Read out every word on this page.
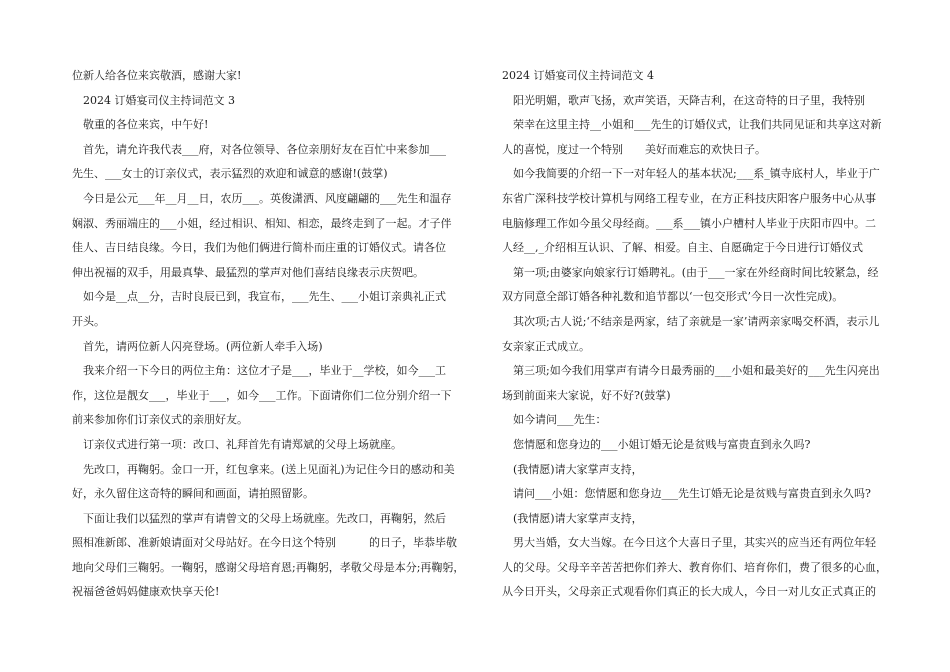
位新人给各位来宾敬酒，感谢大家!
　2024 订婚宴司仪主持词范文 3
　敬重的各位来宾，中午好!
　首先，请允许我代表___府，对各位领导、各位亲朋好友在百忙中来参加___
先生、___女士的订亲仪式，表示猛烈的欢迎和诚意的感谢!(鼓掌)
　今日是公元___年__月__日，农历___。英俊潇洒、风度翩翩的___先生和温存
娴淑、秀丽端庄的___小姐，经过相识、相知、相恋，最终走到了一起。才子伴
佳人、吉日结良缘。今日，我们为他们俩进行简朴而庄重的订婚仪式。请各位
伸出祝福的双手，用最真挚、最猛烈的掌声对他们喜结良缘表示庆贺吧。
　如今是__点__分，吉时良辰已到，我宣布，___先生、___小姐订亲典礼正式
开头。
　首先，请两位新人闪亮登场。(两位新人牵手入场)
　我来介绍一下今日的两位主角：这位才子是___，毕业于__学校，如今___工
作，这位是靓女___，毕业于___，如今___工作。下面请你们二位分别介绍一下
前来参加你们订亲仪式的亲朋好友。
　订亲仪式进行第一项：改口、礼拜首先有请郑斌的父母上场就座。
　先改口，再鞠躬。金口一开，红包拿来。(送上见面礼)为记住今日的感动和美
好，永久留住这奇特的瞬间和画面，请拍照留影。
　下面让我们以猛烈的掌声有请曾文的父母上场就座。先改口，再鞠躬，然后
照相准新郎、准新娘请面对父母站好。在今日这个特别　　　的日子，毕恭毕敬
地向父母们三鞠躬。一鞠躬，感谢父母培育恩;再鞠躬，孝敬父母是本分;再鞠躬，
祝福爸爸妈妈健康欢快享天伦!
2024 订婚宴司仪主持词范文 4
　阳光明媚，歌声飞扬，欢声笑语，天降吉利，在这奇特的日子里，我特别
　荣幸在这里主持__小姐和___先生的订婚仪式，让我们共同见证和共享这对新
人的喜悦，度过一个特别　　美好而难忘的欢快日子。
　如今我简要的介绍一下一对年轻人的基本状况;___系_镇寺底村人，毕业于广
东省广深科技学校计算机与网络工程专业，在方正科技庆阳客户服务中心从事
电脑修理工作如今虽父母经商。___系___镇小户槽村人毕业于庆阳市四中。二
人经__,_介绍相互认识、了解、相爱。自主、自愿确定于今日进行订婚仪式
　第一项;由婆家向娘家行订婚聘礼。(由于___一家在外经商时间比较紧急，经
双方同意全部订婚各种礼数和追节都以‘一包交形式’今日一次性完成)。
　其次项;古人说;‘不结亲是两家，结了亲就是一家’请两亲家喝交杯酒，表示儿
女亲家正式成立。
　第三项;如今我们用掌声有请今日最秀丽的___小姐和最美好的___先生闪亮出
场到前面来大家说，好不好?(鼓掌)
　如今请问___先生：
　您情愿和您身边的___小姐订婚无论是贫贱与富贵直到永久吗?
　(我情愿)请大家掌声支持，
　请问___小姐：您情愿和您身边___先生订婚无论是贫贱与富贵直到永久吗?
　(我情愿)请大家掌声支持，
　男大当婚，女大当嫁。在今日这个大喜日子里，其实兴的应当还有两位年轻
人的父母。父母辛辛苦苦把你们养大、教育你们、培育你们，费了很多的心血，
从今日开头，父母亲正式观看你们真正的长大成人，今日一对儿女正式真正的
